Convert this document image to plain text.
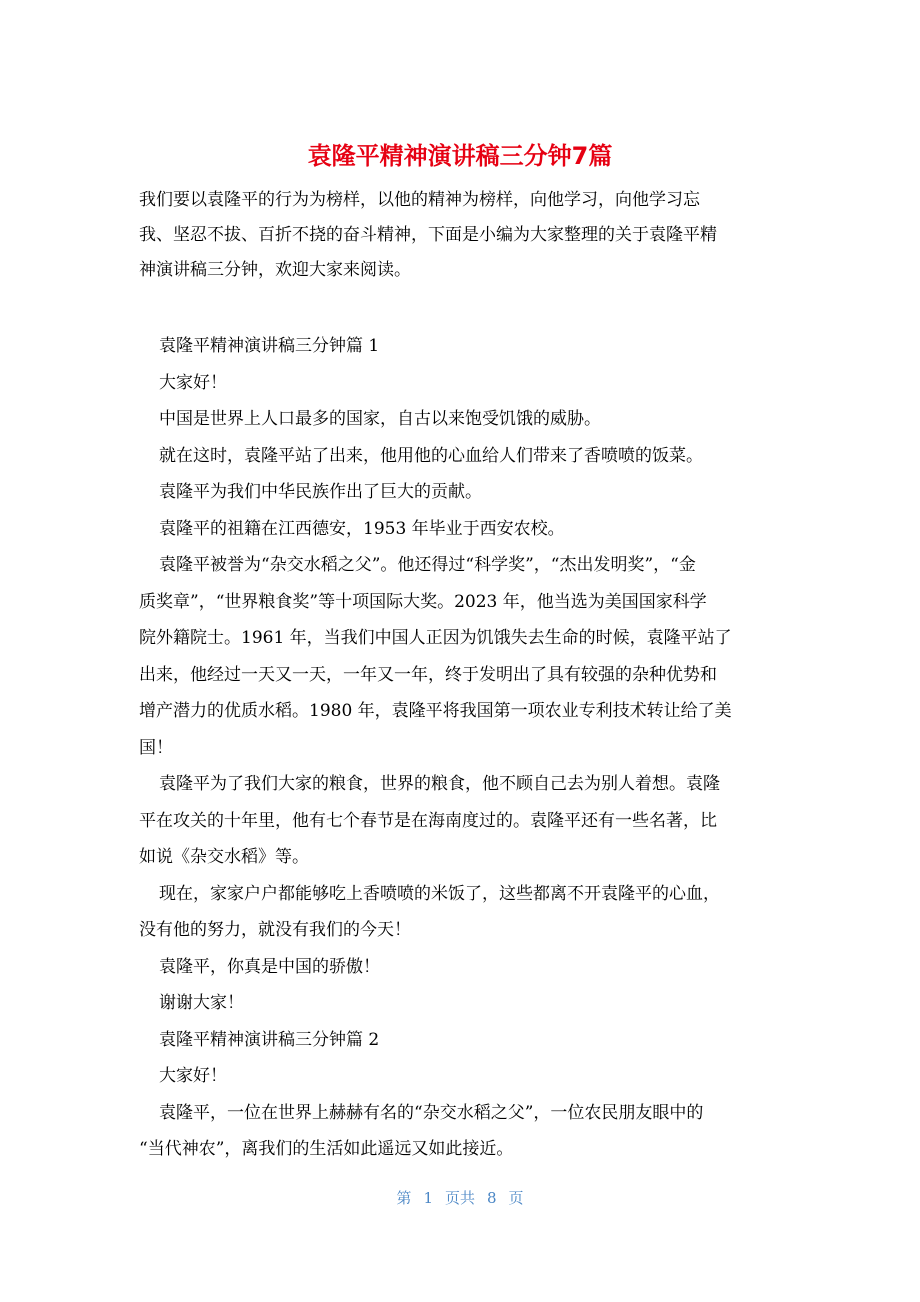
袁隆平精神演讲稿三分钟7篇
我们要以袁隆平的行为为榜样，以他的精神为榜样，向他学习，向他学习忘
我、坚忍不拔、百折不挠的奋斗精神，下面是小编为大家整理的关于袁隆平精
神演讲稿三分钟，欢迎大家来阅读。
袁隆平精神演讲稿三分钟篇 1
大家好！
中国是世界上人口最多的国家，自古以来饱受饥饿的威胁。
就在这时，袁隆平站了出来，他用他的心血给人们带来了香喷喷的饭菜。
袁隆平为我们中华民族作出了巨大的贡献。
袁隆平的祖籍在江西德安，1953 年毕业于西安农校。
袁隆平被誉为“杂交水稻之父”。他还得过“科学奖”，“杰出发明奖”，“金
质奖章”，“世界粮食奖”等十项国际大奖。2023 年，他当选为美国国家科学
院外籍院士。1961 年，当我们中国人正因为饥饿失去生命的时候，袁隆平站了
出来，他经过一天又一天，一年又一年，终于发明出了具有较强的杂种优势和
增产潜力的优质水稻。1980 年，袁隆平将我国第一项农业专利技术转让给了美
国！
袁隆平为了我们大家的粮食，世界的粮食，他不顾自己去为别人着想。袁隆
平在攻关的十年里，他有七个春节是在海南度过的。袁隆平还有一些名著，比
如说《杂交水稻》等。
现在，家家户户都能够吃上香喷喷的米饭了，这些都离不开袁隆平的心血，
没有他的努力，就没有我们的今天！
袁隆平，你真是中国的骄傲！
谢谢大家！
袁隆平精神演讲稿三分钟篇 2
大家好！
袁隆平，一位在世界上赫赫有名的“杂交水稻之父”，一位农民朋友眼中的
“当代神农”，离我们的生活如此遥远又如此接近。
第 1 页共 8 页
